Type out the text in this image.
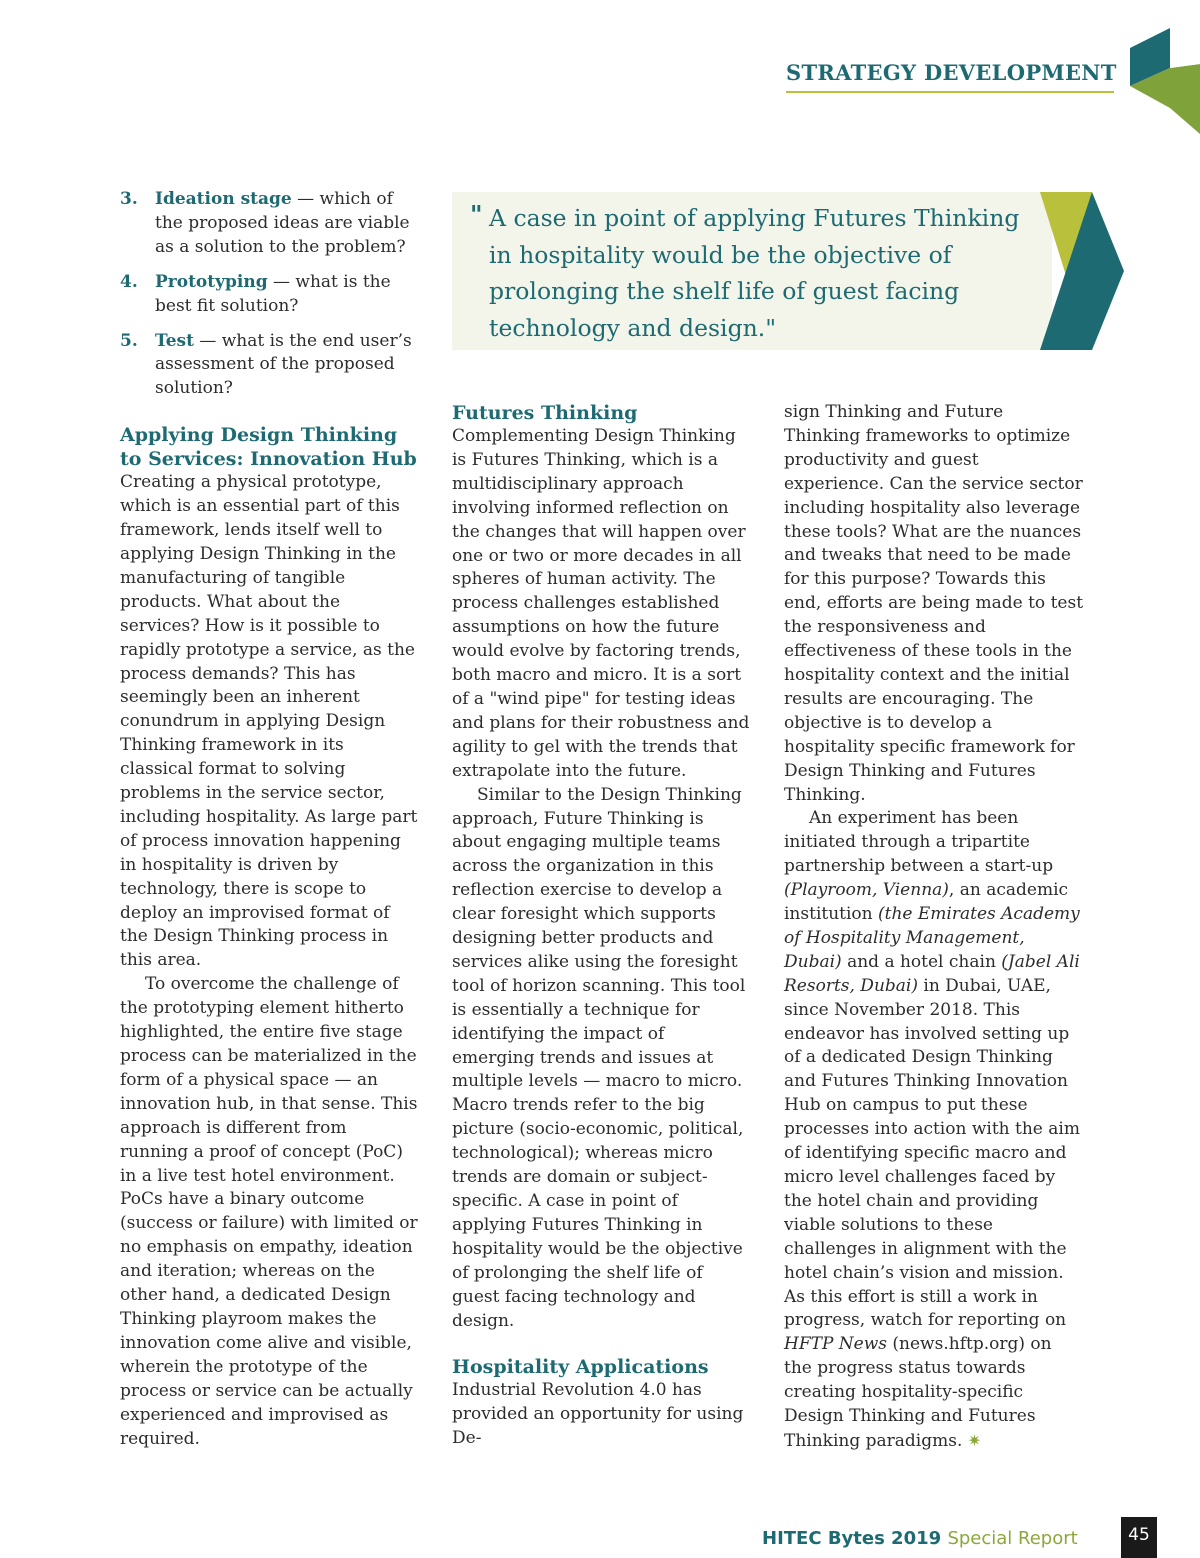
STRATEGY DEVELOPMENT
3. Ideation stage — which of the proposed ideas are viable as a solution to the problem?
4. Prototyping — what is the best fit solution?
5. Test — what is the end user’s assessment of the proposed solution?
Applying Design Thinking to Services: Innovation Hub

Creating a physical prototype, which is an essential part of this framework, lends itself well to applying Design Thinking in the manufacturing of tangible products. What about the services? How is it possible to rapidly prototype a service, as the process demands? This has seemingly been an inherent conundrum in applying Design Thinking framework in its classical format to solving problems in the service sector, including hospitality. As large part of process innovation happening in hospitality is driven by technology, there is scope to deploy an improvised format of the Design Thinking process in this area.

To overcome the challenge of the prototyping element hitherto highlighted, the entire five stage process can be materialized in the form of a physical space — an innovation hub, in that sense. This approach is different from running a proof of concept (PoC) in a live test hotel environment. PoCs have a binary outcome (success or failure) with limited or no emphasis on empathy, ideation and iteration; whereas on the other hand, a dedicated Design Thinking playroom makes the innovation come alive and visible, wherein the prototype of the process or service can be actually experienced and improvised as required.

" A case in point of applying Futures Thinking in hospitality would be the objective of prolonging the shelf life of guest facing technology and design."
Futures Thinking

Complementing Design Thinking is Futures Thinking, which is a multidisciplinary approach involving informed reflection on the changes that will happen over one or two or more decades in all spheres of human activity. The process challenges established assumptions on how the future would evolve by factoring trends, both macro and micro. It is a sort of a "wind pipe" for testing ideas and plans for their robustness and agility to gel with the trends that extrapolate into the future.

Similar to the Design Thinking approach, Future Thinking is about engaging multiple teams across the organization in this reflection exercise to develop a clear foresight which supports designing better products and services alike using the foresight tool of horizon scanning. This tool is essentially a technique for identifying the impact of emerging trends and issues at multiple levels — macro to micro. Macro trends refer to the big picture (socio-economic, political, technological); whereas micro trends are domain or subject-specific. A case in point of applying Futures Thinking in hospitality would be the objective of prolonging the shelf life of guest facing technology and design.

Hospitality Applications

Industrial Revolution 4.0 has provided an opportunity for using De-

sign Thinking and Future Thinking frameworks to optimize productivity and guest experience. Can the service sector including hospitality also leverage these tools? What are the nuances and tweaks that need to be made for this purpose? Towards this end, efforts are being made to test the responsiveness and effectiveness of these tools in the hospitality context and the initial results are encouraging. The objective is to develop a hospitality specific framework for Design Thinking and Futures Thinking.

An experiment has been initiated through a tripartite partnership between a start-up (Playroom, Vienna), an academic institution (the Emirates Academy of Hospitality Management, Dubai) and a hotel chain (Jabel Ali Resorts, Dubai) in Dubai, UAE, since November 2018. This endeavor has involved setting up of a dedicated Design Thinking and Futures Thinking Innovation Hub on campus to put these processes into action with the aim of identifying specific macro and micro level challenges faced by the hotel chain and providing viable solutions to these challenges in alignment with the hotel chain’s vision and mission. As this effort is still a work in progress, watch for reporting on HFTP News (news.hftp.org) on the progress status towards creating hospitality-specific Design Thinking and Futures Thinking paradigms. ✷

HITEC Bytes 2019 Special Report	45
